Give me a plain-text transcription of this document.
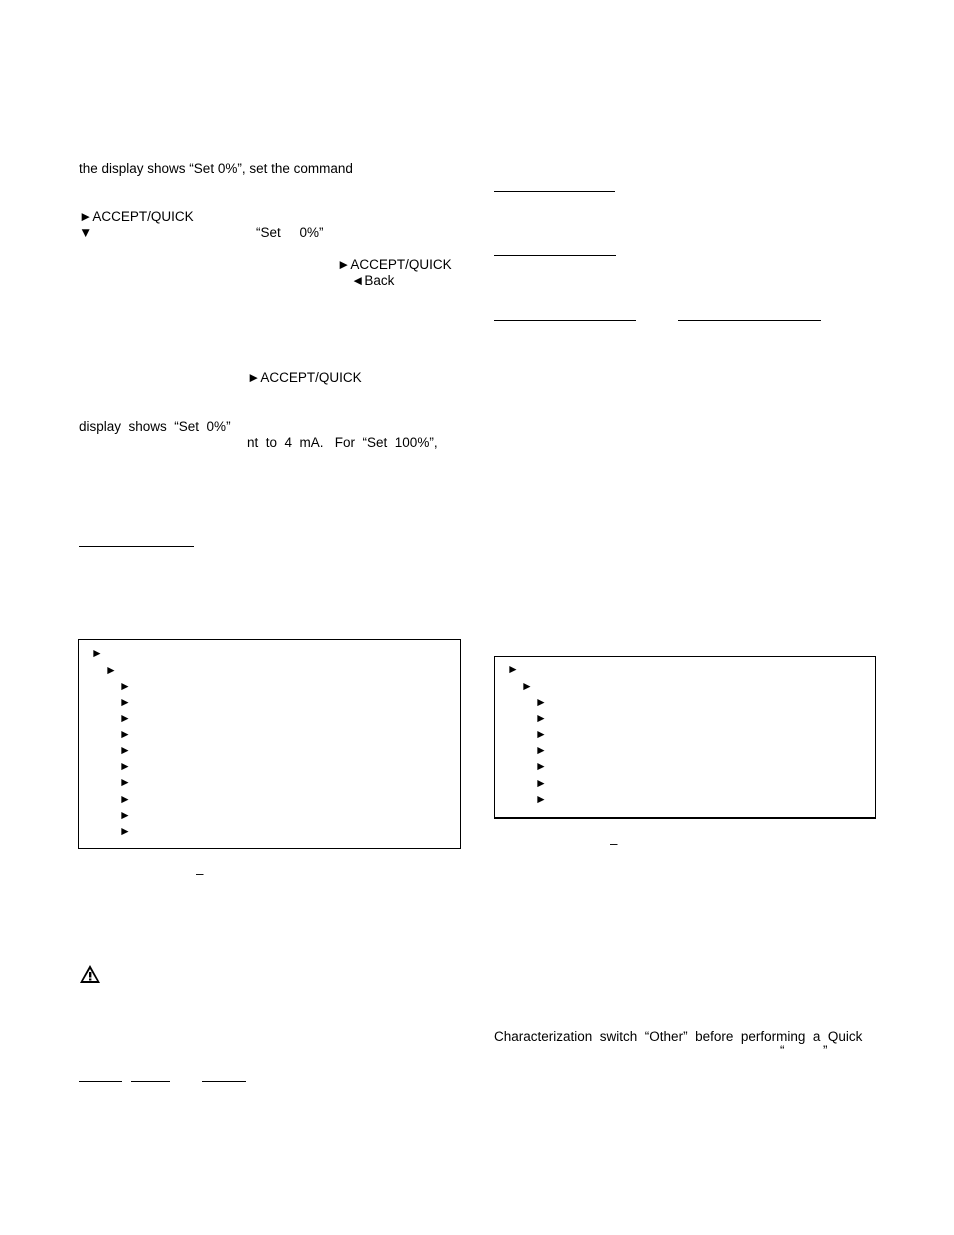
the display shows “Set 0%”, set the command
►ACCEPT/QUICK
▼	“Set     0%”
►ACCEPT/QUICK
◄Back
►ACCEPT/QUICK
display  shows  “Set  0%”
nt  to  4  mA.   For  “Set  100%”,
►
►
►
►
►
►
►
►
►
►
►
►
–
►
►
►
►
►
►
►
►
►
–
Characterization  switch  “Other”  before  performing  a  Quick
“	”
